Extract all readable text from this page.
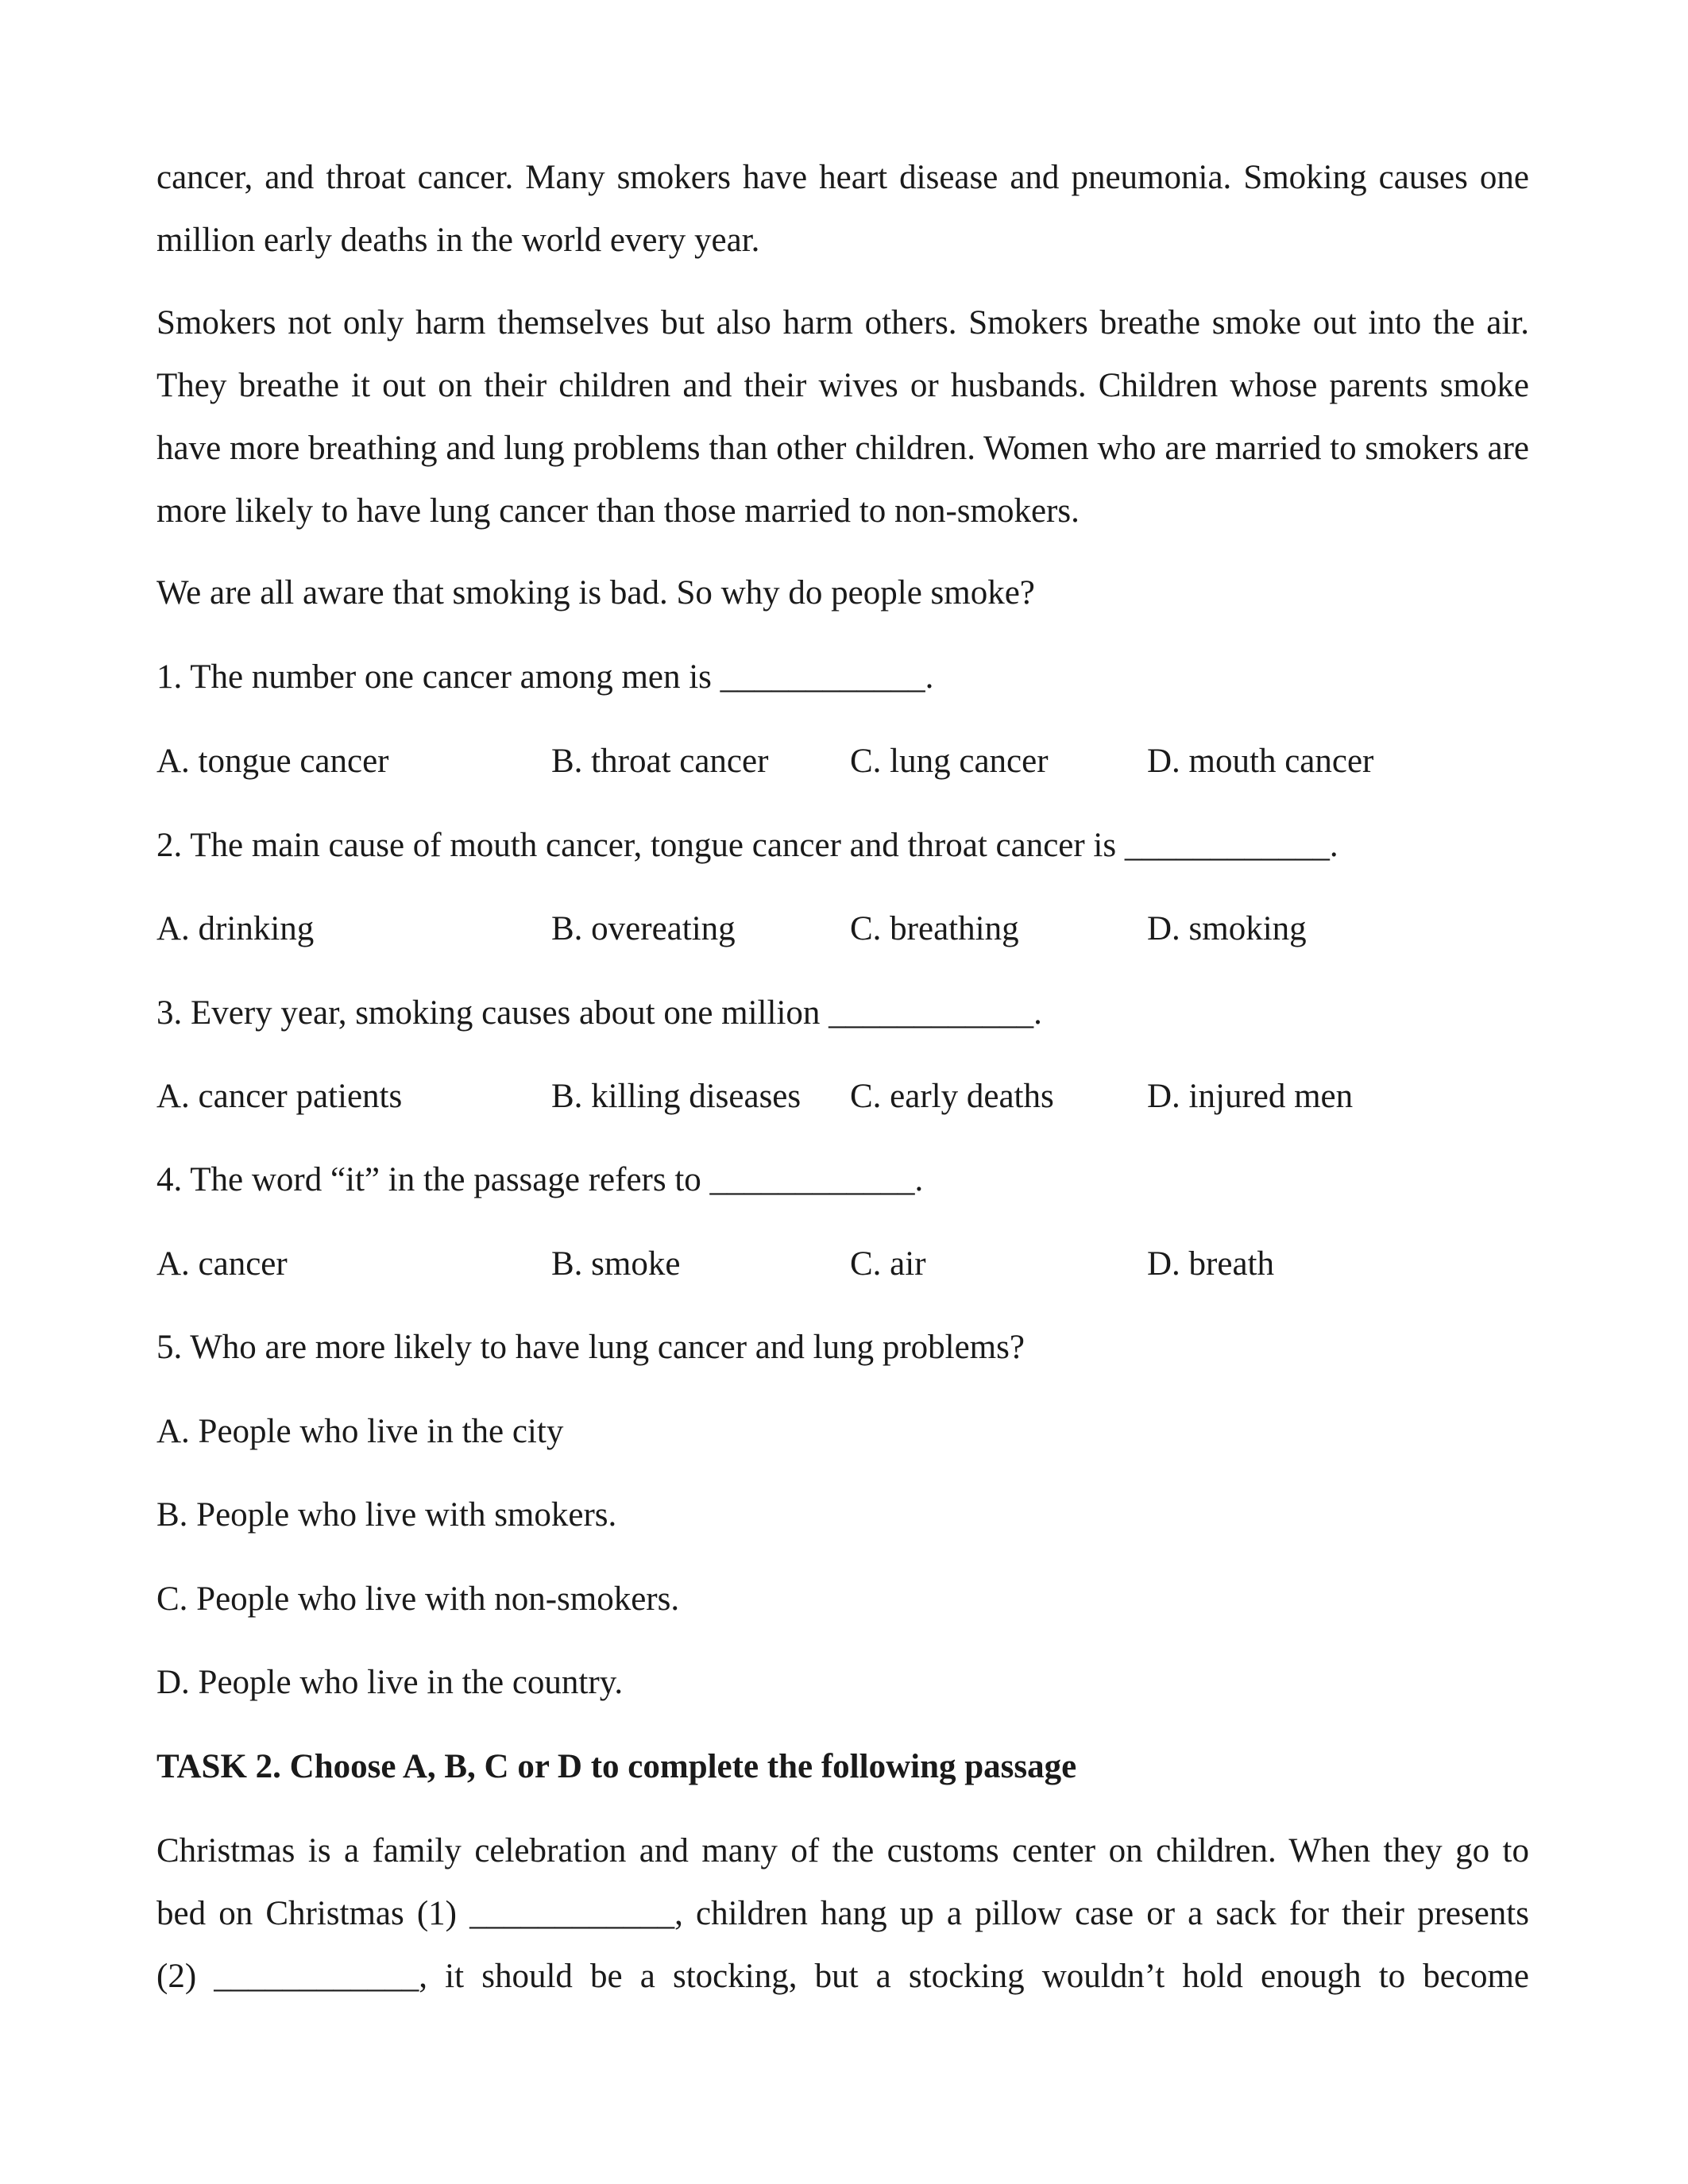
cancer, and throat cancer. Many smokers have heart disease and pneumonia. Smoking causes one million early deaths in the world every year.

Smokers not only harm themselves but also harm others. Smokers breathe smoke out into the air. They breathe it out on their children and their wives or husbands. Children whose parents smoke have more breathing and lung problems than other children. Women who are married to smokers are more likely to have lung cancer than those married to non-smokers.

We are all aware that smoking is bad. So why do people smoke?

1. The number one cancer among men is ____________.

A. tongue cancer	B. throat cancer C. lung cancer	D. mouth cancer

2. The main cause of mouth cancer, tongue cancer and throat cancer is ____________.

A. drinking	B. overeating	C. breathing	D. smoking

3. Every year, smoking causes about one million ____________.

A. cancer patients	B. killing diseases C. early deaths	D. injured men

4. The word “it” in the passage refers to ____________.

A. cancer	B. smoke	C. air	D. breath

5. Who are more likely to have lung cancer and lung problems?

A. People who live in the city
B. People who live with smokers.
C. People who live with non-smokers.
D. People who live in the country.

TASK 2. Choose A, B, C or D to complete the following passage

Christmas is a family celebration and many of the customs center on children. When they go to

bed on Christmas (1) ____________, children hang up a pillow case or a sack for their presents

(2) ____________, it should be a stocking, but a stocking wouldn’t hold enough to become
